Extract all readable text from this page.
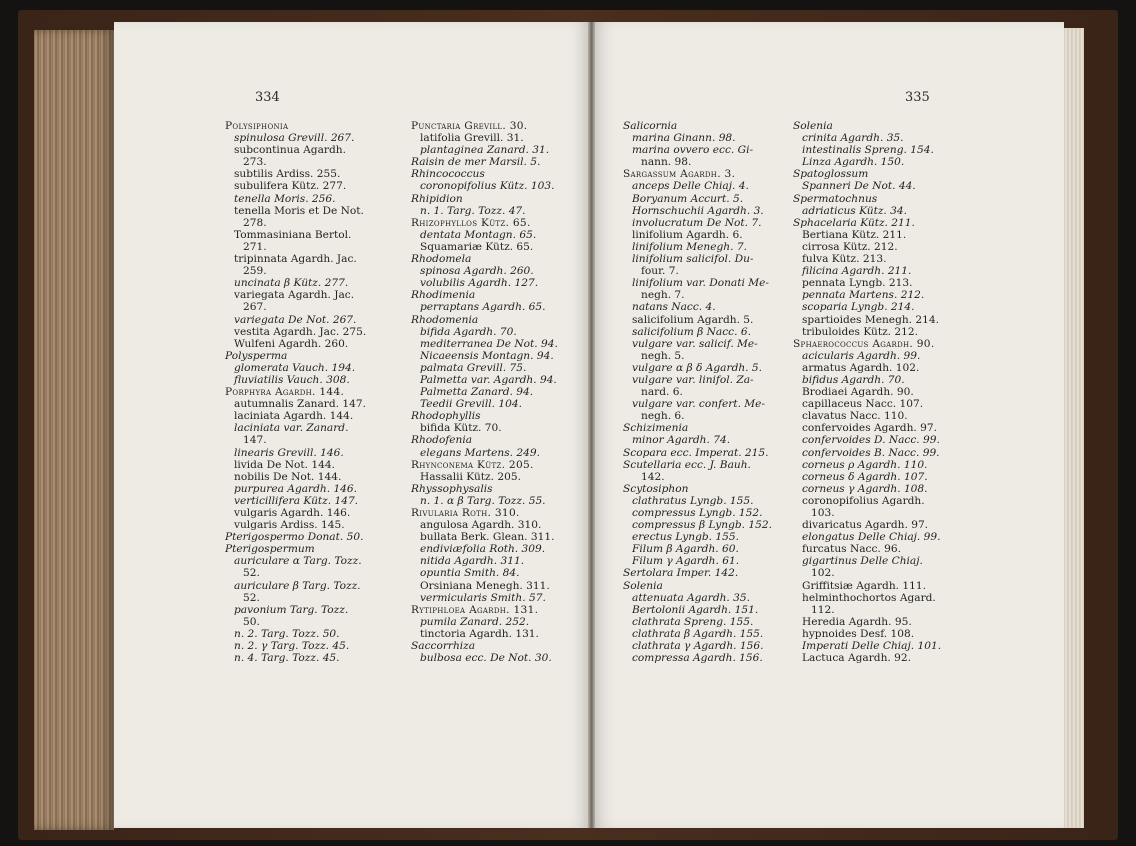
334	335
Polysiphonia
spinulosa Grevill. 267.
subcontinua Agardh.
273.
subtilis Ardiss. 255.
subulifera Kütz. 277.
tenella Moris. 256.
tenella Moris et De Not.
278.
Tommasiniana Bertol.
271.
tripinnata Agardh. Jac.
259.
uncinata β Kütz. 277.
variegata Agardh. Jac.
267.
variegata De Not. 267.
vestita Agardh. Jac. 275.
Wulfeni Agardh. 260.
Polysperma
glomerata Vauch. 194.
fluviatilis Vauch. 308.
Porphyra Agardh. 144.
autumnalis Zanard. 147.
laciniata Agardh. 144.
laciniata var. Zanard.
147.
linearis Grevill. 146.
livida De Not. 144.
nobilis De Not. 144.
purpurea Agardh. 146.
verticillifera Kütz. 147.
vulgaris Agardh. 146.
vulgaris Ardiss. 145.
Pterigospermo Donat. 50.
Pterigospermum
auriculare α Targ. Tozz.
52.
auriculare β Targ. Tozz.
52.
pavonium Targ. Tozz.
50.
n. 2. Targ. Tozz. 50.
n. 2. γ Targ. Tozz. 45.
n. 4. Targ. Tozz. 45.
Punctaria Grevill. 30.
latifolia Grevill. 31.
plantaginea Zanard. 31.
Raisin de mer Marsil. 5.
Rhincococcus
coronopifolius Kütz. 103.
Rhipidion
n. 1. Targ. Tozz. 47.
Rhizophyllos Kütz. 65.
dentata Montagn. 65.
Squamariæ Kütz. 65.
Rhodomela
spinosa Agardh. 260.
volubilis Agardh. 127.
Rhodimenia
perraptans Agardh. 65.
Rhodomenia
bifida Agardh. 70.
mediterranea De Not. 94.
Nicaeensis Montagn. 94.
palmata Grevill. 75.
Palmetta var. Agardh. 94.
Palmetta Zanard. 94.
Teedii Grevill. 104.
Rhodophyllis
bifida Kütz. 70.
Rhodofenia
elegans Martens. 249.
Rhynconema Kütz. 205.
Hassalii Kütz. 205.
Rhyssophysalis
n. 1. α β Targ. Tozz. 55.
Rivularia Roth. 310.
angulosa Agardh. 310.
bullata Berk. Glean. 311.
endiviæfolia Roth. 309.
nitida Agardh. 311.
opuntia Smith. 84.
Orsiniana Menegh. 311.
vermicularis Smith. 57.
Rytiphloea Agardh. 131.
pumila Zanard. 252.
tinctoria Agardh. 131.
Saccorrhiza
bulbosa ecc. De Not. 30.
Salicornia
marina Ginann. 98.
marina ovvero ecc. Gi-
nann. 98.
Sargassum Agardh. 3.
anceps Delle Chiaj. 4.
Boryanum Accurt. 5.
Hornschuchii Agardh. 3.
involucratum De Not. 7.
linifolium Agardh. 6.
linifolium Menegh. 7.
linifolium salicifol. Du-
four. 7.
linifolium var. Donati Me-
negh. 7.
natans Nacc. 4.
salicifolium Agardh. 5.
salicifolium β Nacc. 6.
vulgare var. salicif. Me-
negh. 5.
vulgare α β δ Agardh. 5.
vulgare var. linifol. Za-
nard. 6.
vulgare var. confert. Me-
negh. 6.
Schizimenia
minor Agardh. 74.
Scopara ecc. Imperat. 215.
Scutellaria ecc. J. Bauh.
142.
Scytosiphon
clathratus Lyngb. 155.
compressus Lyngb. 152.
compressus β Lyngb. 152.
erectus Lyngb. 155.
Filum β Agardh. 60.
Filum γ Agardh. 61.
Sertolara Imper. 142.
Solenia
attenuata Agardh. 35.
Bertolonii Agardh. 151.
clathrata Spreng. 155.
clathrata β Agardh. 155.
clathrata γ Agardh. 156.
compressa Agardh. 156.
Solenia
crinita Agardh. 35.
intestinalis Spreng. 154.
Linza Agardh. 150.
Spatoglossum
Spanneri De Not. 44.
Spermatochnus
adriaticus Kütz. 34.
Sphacelaria Kütz. 211.
Bertiana Kütz. 211.
cirrosa Kütz. 212.
fulva Kütz. 213.
filicina Agardh. 211.
pennata Lyngb. 213.
pennata Martens. 212.
scoparia Lyngb. 214.
spartioides Menegh. 214.
tribuloides Kütz. 212.
Sphaerococcus Agardh. 90.
acicularis Agardh. 99.
armatus Agardh. 102.
bifidus Agardh. 70.
Brodiaei Agardh. 90.
capillaceus Nacc. 107.
clavatus Nacc. 110.
confervoides Agardh. 97.
confervoides D. Nacc. 99.
confervoides B. Nacc. 99.
corneus ρ Agardh. 110.
corneus δ Agardh. 107.
corneus γ Agardh. 108.
coronopifolius Agardh.
103.
divaricatus Agardh. 97.
elongatus Delle Chiaj. 99.
furcatus Nacc. 96.
gigartinus Delle Chiaj.
102.
Griffitsiæ Agardh. 111.
helminthochortos Agard.
112.
Heredia Agardh. 95.
hypnoides Desf. 108.
Imperati Delle Chiaj. 101.
Lactuca Agardh. 92.
